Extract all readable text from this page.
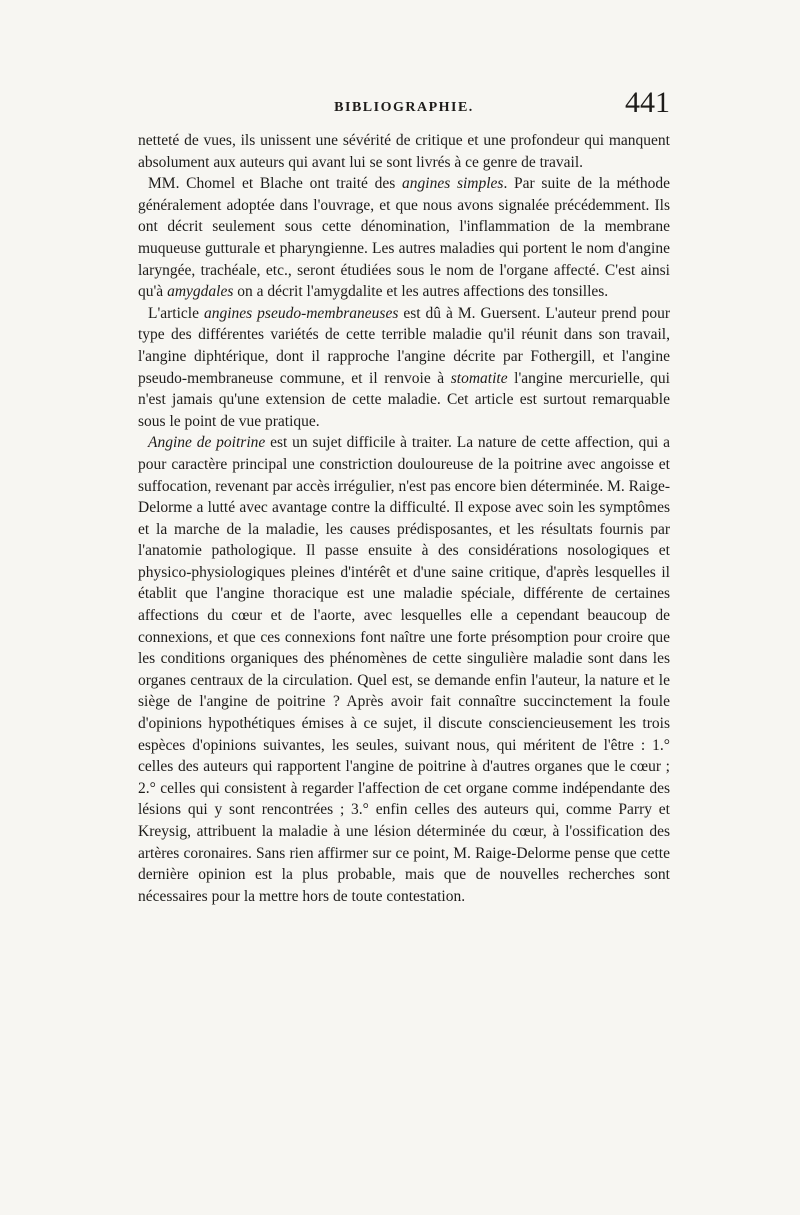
BIBLIOGRAPHIE.	441

netteté de vues, ils unissent une sévérité de critique et une profondeur qui manquent absolument aux auteurs qui avant lui se sont livrés à ce genre de travail.

MM. Chomel et Blache ont traité des angines simples. Par suite de la méthode généralement adoptée dans l'ouvrage, et que nous avons signalée précédemment. Ils ont décrit seulement sous cette dénomination, l'inflammation de la membrane muqueuse gutturale et pharyngienne. Les autres maladies qui portent le nom d'angine laryngée, trachéale, etc., seront étudiées sous le nom de l'organe affecté. C'est ainsi qu'à amygdales on a décrit l'amygdalite et les autres affections des tonsilles.

L'article angines pseudo-membraneuses est dû à M. Guersent. L'auteur prend pour type des différentes variétés de cette terrible maladie qu'il réunit dans son travail, l'angine diphtérique, dont il rapproche l'angine décrite par Fothergill, et l'angine pseudo-membraneuse commune, et il renvoie à stomatite l'angine mercurielle, qui n'est jamais qu'une extension de cette maladie. Cet article est surtout remarquable sous le point de vue pratique.

Angine de poitrine est un sujet difficile à traiter. La nature de cette affection, qui a pour caractère principal une constriction douloureuse de la poitrine avec angoisse et suffocation, revenant par accès irrégulier, n'est pas encore bien déterminée. M. Raige-Delorme a lutté avec avantage contre la difficulté. Il expose avec soin les symptômes et la marche de la maladie, les causes prédisposantes, et les résultats fournis par l'anatomie pathologique. Il passe ensuite à des considérations nosologiques et physico-physiologiques pleines d'intérêt et d'une saine critique, d'après lesquelles il établit que l'angine thoracique est une maladie spéciale, différente de certaines affections du cœur et de l'aorte, avec lesquelles elle a cependant beaucoup de connexions, et que ces connexions font naître une forte présomption pour croire que les conditions organiques des phénomènes de cette singulière maladie sont dans les organes centraux de la circulation. Quel est, se demande enfin l'auteur, la nature et le siège de l'angine de poitrine ? Après avoir fait connaître succinctement la foule d'opinions hypothétiques émises à ce sujet, il discute consciencieusement les trois espèces d'opinions suivantes, les seules, suivant nous, qui méritent de l'être : 1.° celles des auteurs qui rapportent l'angine de poitrine à d'autres organes que le cœur ; 2.° celles qui consistent à regarder l'affection de cet organe comme indépendante des lésions qui y sont rencontrées ; 3.° enfin celles des auteurs qui, comme Parry et Kreysig, attribuent la maladie à une lésion déterminée du cœur, à l'ossification des artères coronaires. Sans rien affirmer sur ce point, M. Raige-Delorme pense que cette dernière opinion est la plus probable, mais que de nouvelles recherches sont nécessaires pour la mettre hors de toute contestation.
